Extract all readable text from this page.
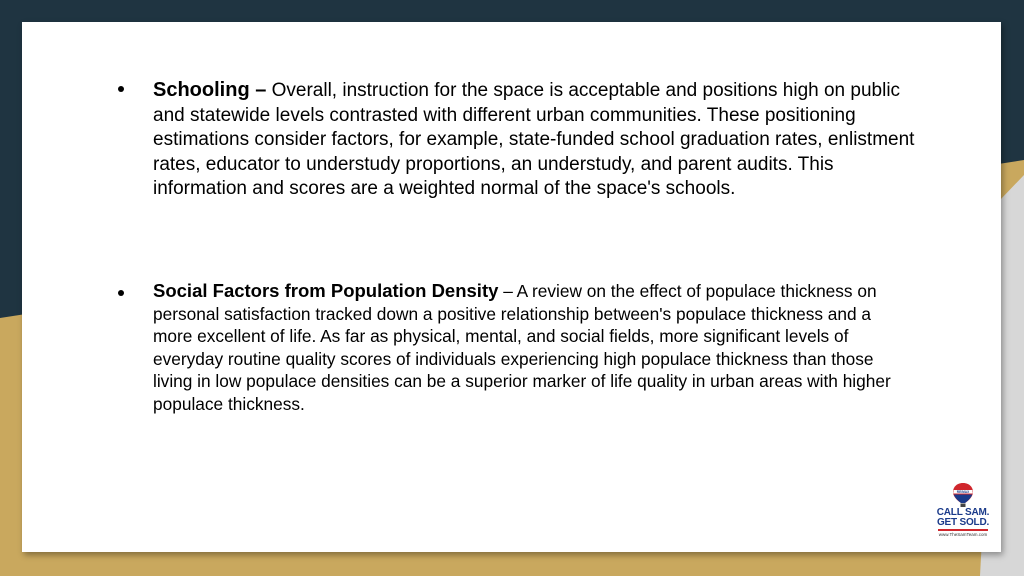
Schooling – Overall, instruction for the space is acceptable and positions high on public and statewide levels contrasted with different urban communities. These positioning estimations consider factors, for example, state-funded school graduation rates, enlistment rates, educator to understudy proportions, an understudy, and parent audits. This information and scores are a weighted normal of the space's schools.
Social Factors from Population Density – A review on the effect of populace thickness on personal satisfaction tracked down a positive relationship between's populace thickness and a more excellent of life. As far as physical, mental, and social fields, more significant levels of everyday routine quality scores of individuals experiencing high populace thickness than those living in low populace densities can be a superior marker of life quality in urban areas with higher populace thickness.
RE/MAX
CALL SAM.
GET SOLD.
www.TheSamTeam.com
